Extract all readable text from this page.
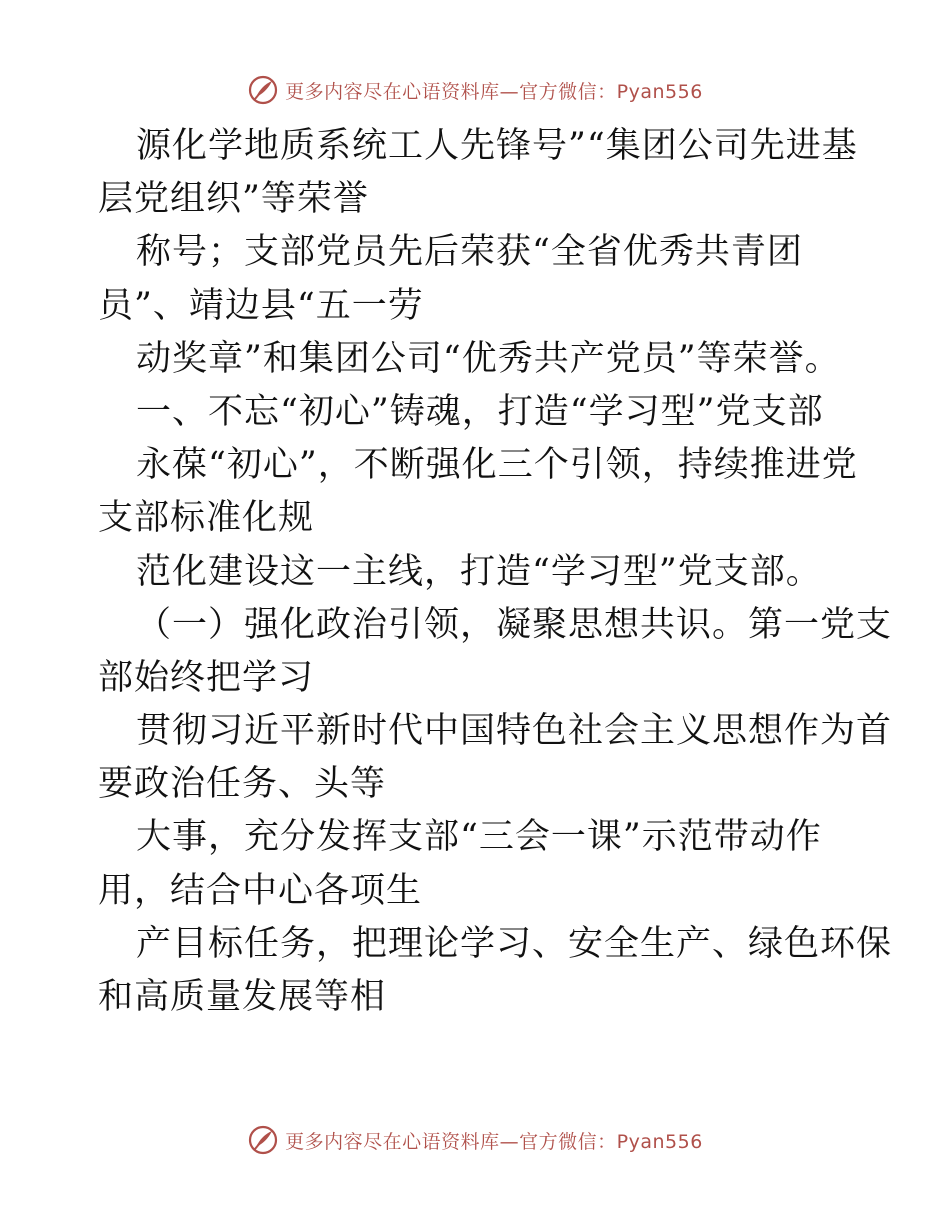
更多内容尽在心语资料库—官方微信：Pyan556
源化学地质系统工人先锋号”“集团公司先进基
层党组织”等荣誉
称号；支部党员先后荣获“全省优秀共青团
员”、靖边县“五一劳
动奖章”和集团公司“优秀共产党员”等荣誉。
一、不忘“初心”铸魂，打造“学习型”党支部
永葆“初心”，不断强化三个引领，持续推进党
支部标准化规
范化建设这一主线，打造“学习型”党支部。
（一）强化政治引领，凝聚思想共识。第一党支
部始终把学习
贯彻习近平新时代中国特色社会主义思想作为首
要政治任务、头等
大事，充分发挥支部“三会一课”示范带动作
用，结合中心各项生
产目标任务，把理论学习、安全生产、绿色环保
和高质量发展等相
更多内容尽在心语资料库—官方微信：Pyan556
